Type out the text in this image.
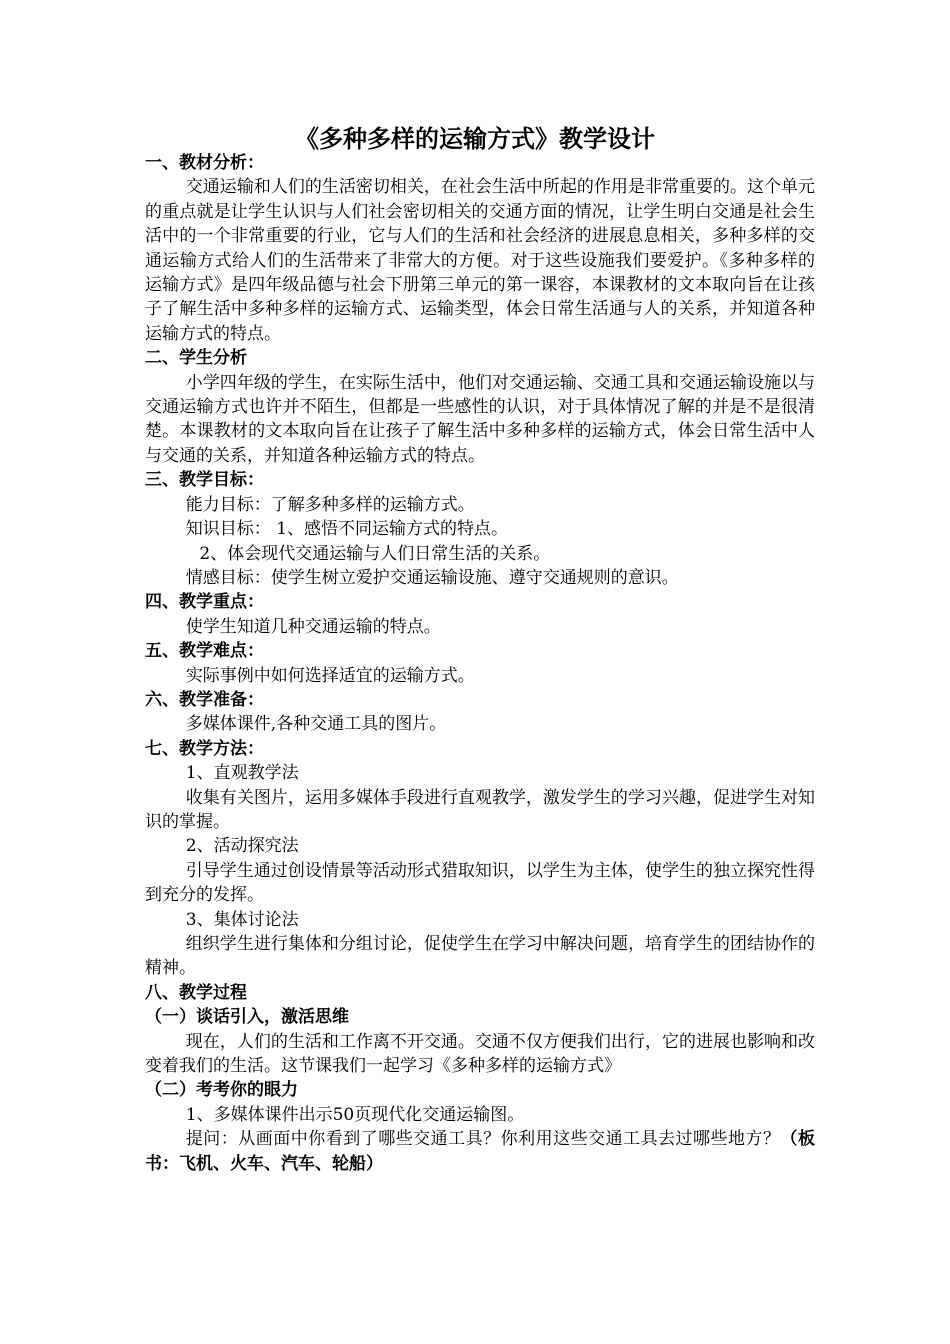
《多种多样的运输方式》教学设计

一、教材分析：

交通运输和人们的生活密切相关，在社会生活中所起的作用是非常重要的。这个单元的重点就是让学生认识与人们社会密切相关的交通方面的情况，让学生明白交通是社会生活中的一个非常重要的行业，它与人们的生活和社会经济的进展息息相关，多种多样的交通运输方式给人们的生活带来了非常大的方便。对于这些设施我们要爱护。《多种多样的运输方式》是四年级品德与社会下册第三单元的第一课容，本课教材的文本取向旨在让孩子了解生活中多种多样的运输方式、运输类型，体会日常生活通与人的关系，并知道各种运输方式的特点。

二、学生分析

小学四年级的学生，在实际生活中，他们对交通运输、交通工具和交通运输设施以与交通运输方式也许并不陌生，但都是一些感性的认识，对于具体情况了解的并是不是很清楚。本课教材的文本取向旨在让孩子了解生活中多种多样的运输方式，体会日常生活中人与交通的关系，并知道各种运输方式的特点。

三、教学目标：

能力目标：了解多种多样的运输方式。

知识目标： 1、感悟不同运输方式的特点。

2、体会现代交通运输与人们日常生活的关系。

情感目标：使学生树立爱护交通运输设施、遵守交通规则的意识。

四、教学重点：

使学生知道几种交通运输的特点。

五、教学难点：

实际事例中如何选择适宜的运输方式。

六、教学准备：

多媒体课件,各种交通工具的图片。

七、教学方法：

1、直观教学法

收集有关图片，运用多媒体手段进行直观教学，激发学生的学习兴趣，促进学生对知识的掌握。

2、活动探究法

引导学生通过创设情景等活动形式猎取知识，以学生为主体，使学生的独立探究性得到充分的发挥。

3、集体讨论法

组织学生进行集体和分组讨论，促使学生在学习中解决问题，培育学生的团结协作的精神。

八、教学过程

（一）谈话引入，激活思维

现在，人们的生活和工作离不开交通。交通不仅方便我们出行，它的进展也影响和改变着我们的生活。这节课我们一起学习《多种多样的运输方式》

（二）考考你的眼力

1、多媒体课件出示50页现代化交通运输图。

提问：从画面中你看到了哪些交通工具？你利用这些交通工具去过哪些地方？（板书：飞机、火车、汽车、轮船）
